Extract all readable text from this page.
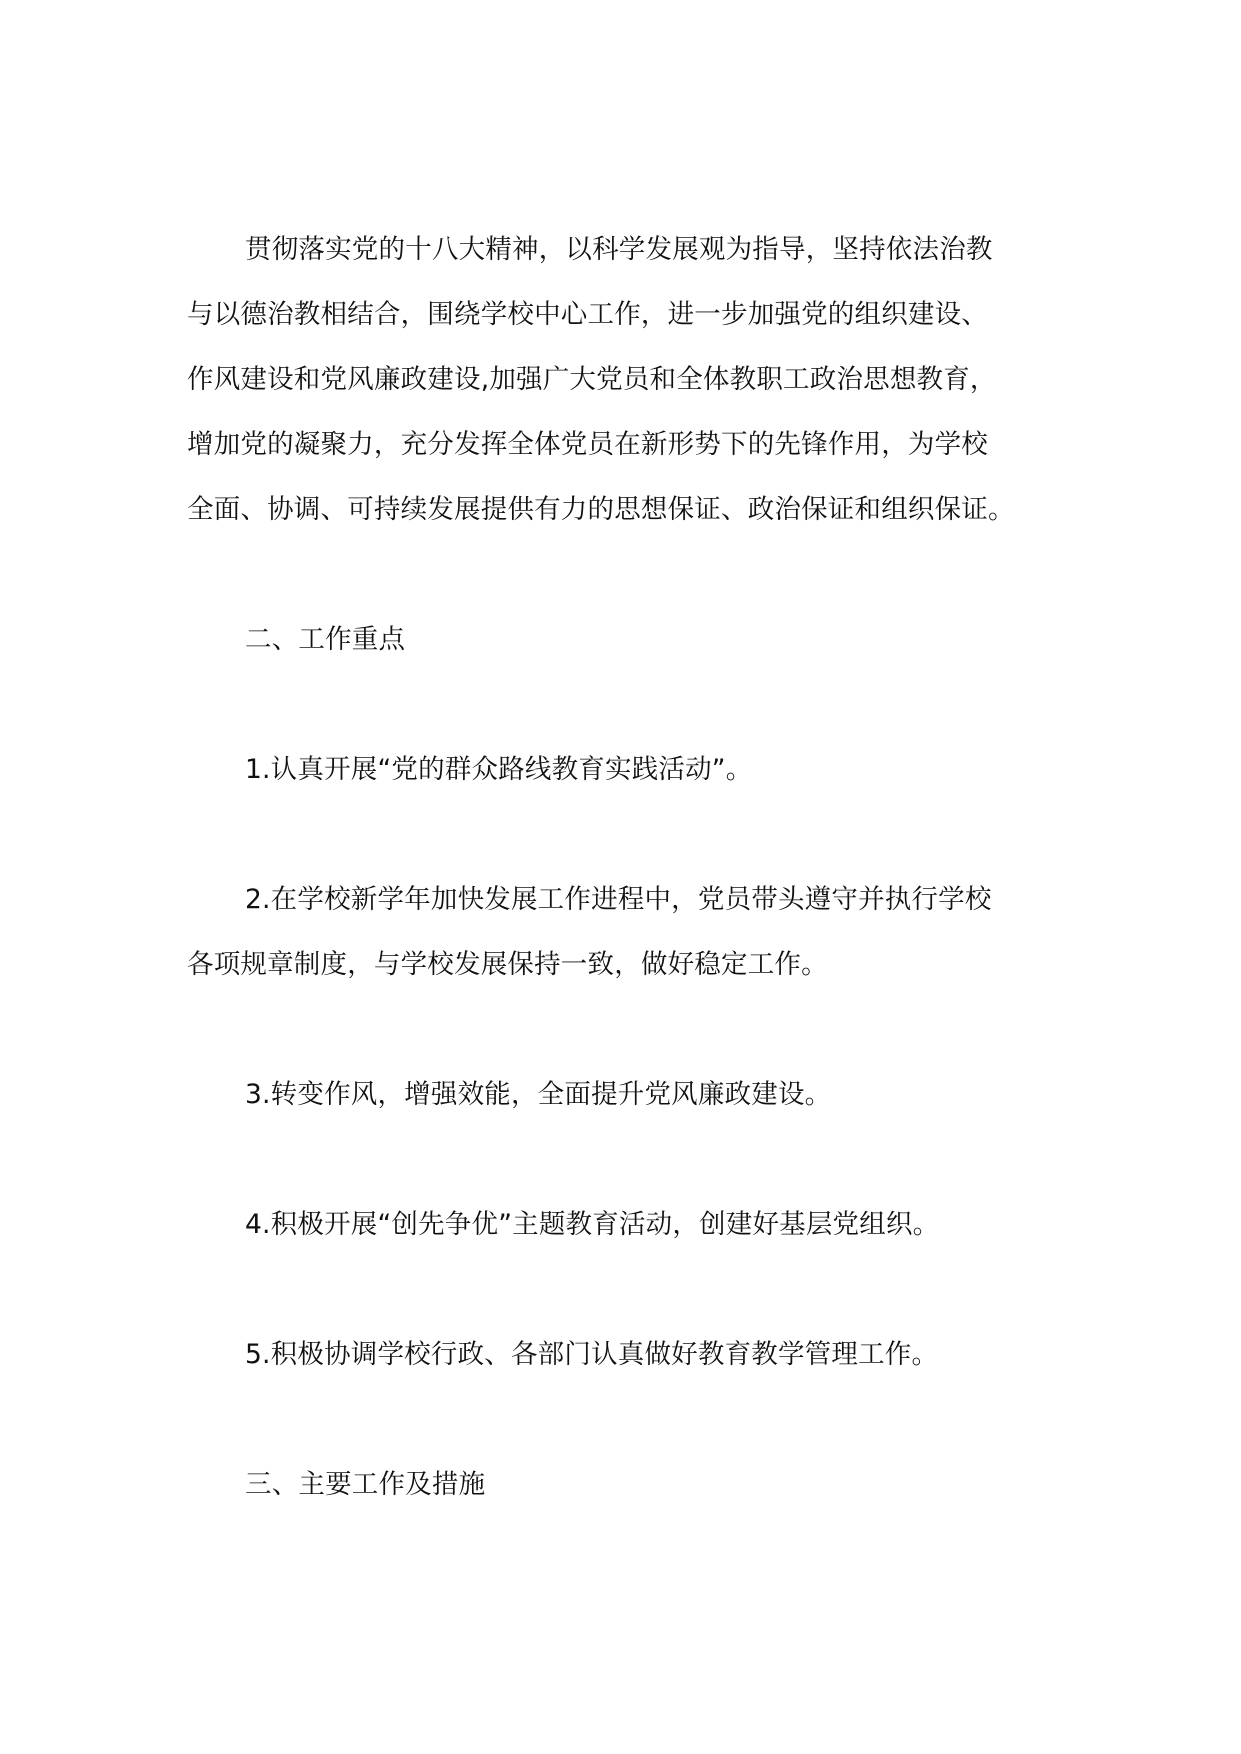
贯彻落实党的十八大精神，以科学发展观为指导，坚持依法治教
与以德治教相结合，围绕学校中心工作，进一步加强党的组织建设、
作风建设和党风廉政建设,加强广大党员和全体教职工政治思想教育，
增加党的凝聚力，充分发挥全体党员在新形势下的先锋作用，为学校
全面、协调、可持续发展提供有力的思想保证、政治保证和组织保证。
二、工作重点
1.认真开展“党的群众路线教育实践活动”。
2.在学校新学年加快发展工作进程中，党员带头遵守并执行学校
各项规章制度，与学校发展保持一致，做好稳定工作。
3.转变作风，增强效能，全面提升党风廉政建设。
4.积极开展“创先争优”主题教育活动，创建好基层党组织。
5.积极协调学校行政、各部门认真做好教育教学管理工作。
三、主要工作及措施
